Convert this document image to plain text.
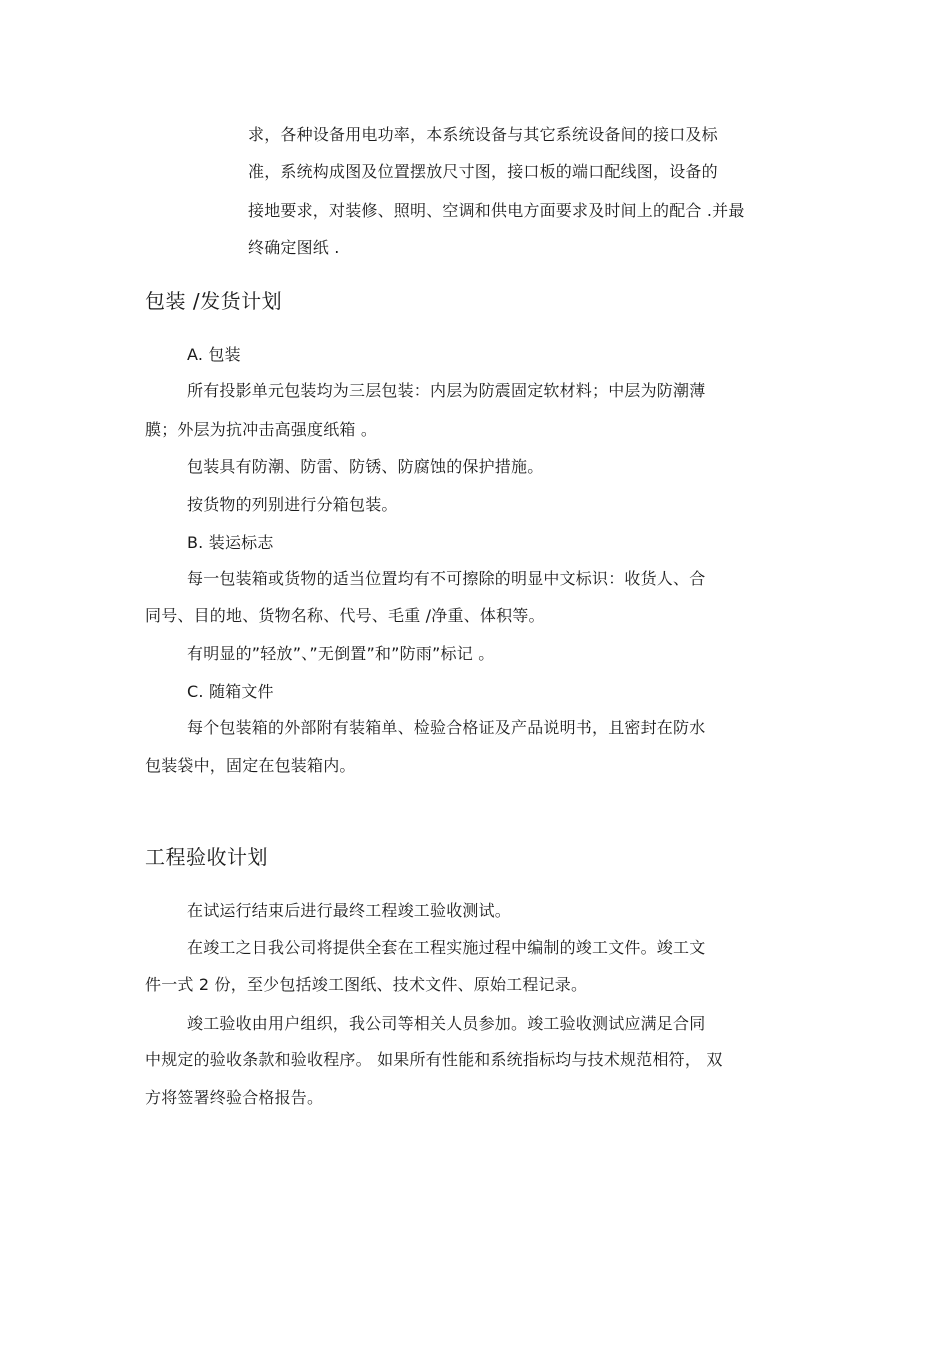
求，各种设备用电功率，本系统设备与其它系统设备间的接口及标
准，系统构成图及位置摆放尺寸图，接口板的端口配线图，设备的
接地要求，对装修、照明、空调和供电方面要求及时间上的配合 .并最
终确定图纸 .
包装 /发货计划
A. 包装
所有投影单元包装均为三层包装：内层为防震固定软材料；中层为防潮薄
膜；外层为抗冲击高强度纸箱 。
包装具有防潮、防雷、防锈、防腐蚀的保护措施。
按货物的列别进行分箱包装。
B. 装运标志
每一包装箱或货物的适当位置均有不可擦除的明显中文标识：收货人、合
同号、目的地、货物名称、代号、毛重 /净重、体积等。
有明显的”轻放”、”无倒置”和”防雨”标记 。
C. 随箱文件
每个包装箱的外部附有装箱单、检验合格证及产品说明书，且密封在防水
包装袋中，固定在包装箱内。
工程验收计划
在试运行结束后进行最终工程竣工验收测试。
在竣工之日我公司将提供全套在工程实施过程中编制的竣工文件。竣工文
件一式 2 份，至少包括竣工图纸、技术文件、原始工程记录。
竣工验收由用户组织，我公司等相关人员参加。竣工验收测试应满足合同
中规定的验收条款和验收程序。 如果所有性能和系统指标均与技术规范相符， 双
方将签署终验合格报告。
